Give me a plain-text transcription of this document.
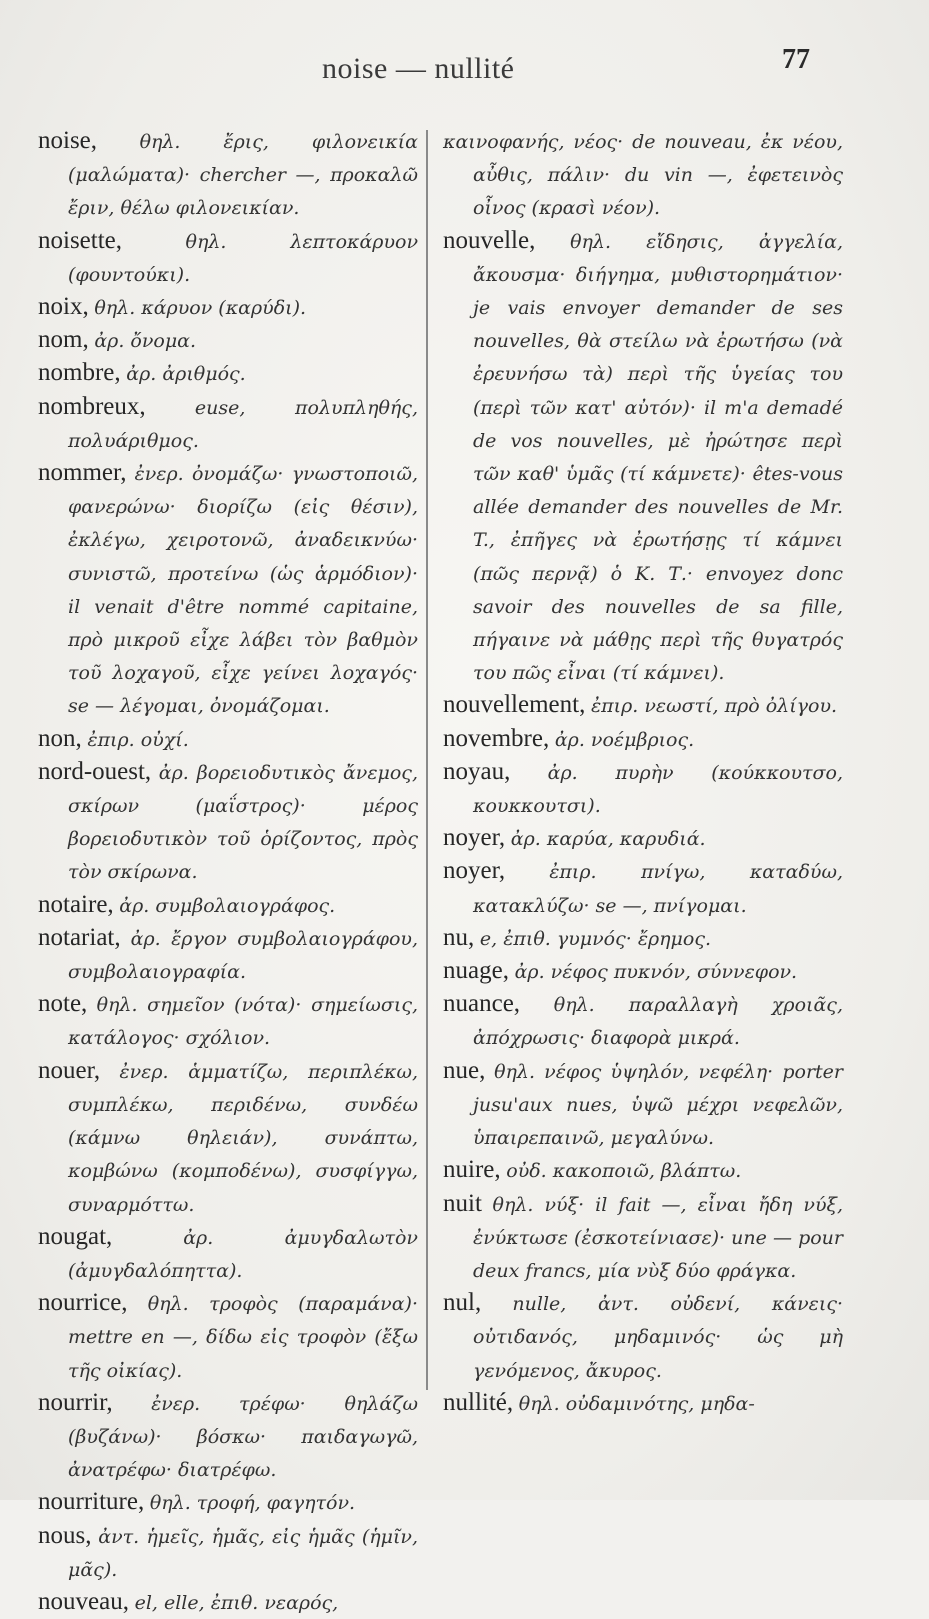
noise — nullité	77

noise, θηλ. ἔρις, φιλονεικία (μαλώματα)· chercher —, προκαλῶ ἔριν, θέλω φιλονεικίαν.

noisette,	θηλ. λεπτοκάρυον (φουντούκι).

noix, θηλ. κάρυον (καρύδι).

nom, ἀρ. ὄνομα.

nombre, ἀρ. ἀριθμός.

nombreux,	euse, πολυπληθής, πολυάριθμος.

nommer, ἐνερ. ὀνομάζω· γνωστοποιῶ, φανερώνω· διορίζω (εἰς θέσιν), ἐκλέγω, χειροτονῶ, ἀναδεικνύω· συνιστῶ, προτείνω (ὡς ἁρμόδιον)· il venait d'être nommé capitaine, πρὸ μικροῦ εἶχε λάβει τὸν βαθμὸν τοῦ λοχαγοῦ, εἶχε γείνει λοχαγός· se — λέγομαι, ὀνομάζομαι.

non, ἐπιρ. οὐχί.

nord-ouest, ἀρ. βορειοδυτικὸς ἄνεμος, σκίρων (μαΐστρος)· μέρος βορειοδυτικὸν τοῦ ὁρίζοντος, πρὸς τὸν σκίρωνα.

notaire, ἀρ. συμβολαιογράφος.

notariat, ἀρ. ἔργον συμβολαιογράφου, συμβολαιογραφία.

note, θηλ. σημεῖον (νότα)· σημείωσις, κατάλογος· σχόλιον.

nouer, ἐνερ. ἁμματίζω, περιπλέκω, συμπλέκω, περιδένω, συνδέω (κάμνω θηλειάν), συνάπτω, κομβώνω (κομποδένω), συσφίγγω, συναρμόττω.

nougat,	ἀρ. ἀμυγδαλωτὸν (ἀμυγδαλόπηττα).

nourrice, θηλ. τροφὸς (παραμάνα)· mettre en —, δίδω εἰς τροφὸν (ἔξω τῆς οἰκίας).

nourrir, ἐνερ. τρέφω· θηλάζω (βυζάνω)· βόσκω· παιδαγωγῶ, ἀνατρέφω· διατρέφω.

nourriture, θηλ. τροφή, φαγητόν.

nous, ἀντ. ἡμεῖς, ἡμᾶς, εἰς ἡμᾶς (ἡμῖν, μᾶς).

nouveau, el, elle, ἐπιθ. νεαρός,

καινοφανής, νέος· de nouveau, ἐκ νέου, αὖθις, πάλιν· du vin —, ἐφετεινὸς οἶνος (κρασὶ νέον).

nouvelle, θηλ. εἴδησις, ἀγγελία, ἄκουσμα· διήγημα, μυθιστορημάτιον· je vais envoyer demander de ses nouvelles, θὰ στείλω νὰ ἐρωτήσω (νὰ ἐρευνήσω τὰ) περὶ τῆς ὑγείας του (περὶ τῶν κατ' αὐτόν)· il m'a demadé de vos nouvelles, μὲ ἠρώτησε περὶ τῶν καθ' ὑμᾶς (τί κάμνετε)· êtes-vous allée demander des nouvelles de Mr. T., ἐπῆγες νὰ ἐρωτήσῃς τί κάμνει (πῶς περνᾷ) ὁ Κ. Τ.· envoyez donc savoir des nouvelles de sa fille, πήγαινε νὰ μάθῃς περὶ τῆς θυγατρός του πῶς εἶναι (τί κάμνει).

nouvellement, ἐπιρ. νεωστί, πρὸ ὀλίγου.

novembre, ἀρ. νοέμβριος.

noyau, ἀρ. πυρὴν (κούκκουτσο, κουκκουτσι).

noyer, ἀρ. καρύα, καρυδιά.

noyer, ἐπιρ. πνίγω, καταδύω, κατακλύζω· se —, πνίγομαι.

nu, e, ἐπιθ. γυμνός· ἔρημος.

nuage, ἀρ. νέφος πυκνόν, σύννεφον.

nuance, θηλ. παραλλαγὴ χροιᾶς, ἀπόχρωσις· διαφορὰ μικρά.

nue, θηλ. νέφος ὑψηλόν, νεφέλη· porter jusu'aux nues, ὑψῶ μέχρι νεφελῶν, ὑπαιρεπαινῶ, μεγαλύνω.

nuire, οὐδ. κακοποιῶ, βλάπτω.

nuit θηλ. νύξ· il fait —, εἶναι ἤδη νύξ, ἐνύκτωσε (ἐσκοτείνιασε)· une — pour deux francs, μία νὺξ δύο φράγκα.

nul, nulle, ἀντ. οὐδενί, κάνεις· οὐτιδανός, μηδαμινός· ὡς μὴ γενόμενος, ἄκυρος.

nullité, θηλ. οὐδαμινότης, μηδα-
